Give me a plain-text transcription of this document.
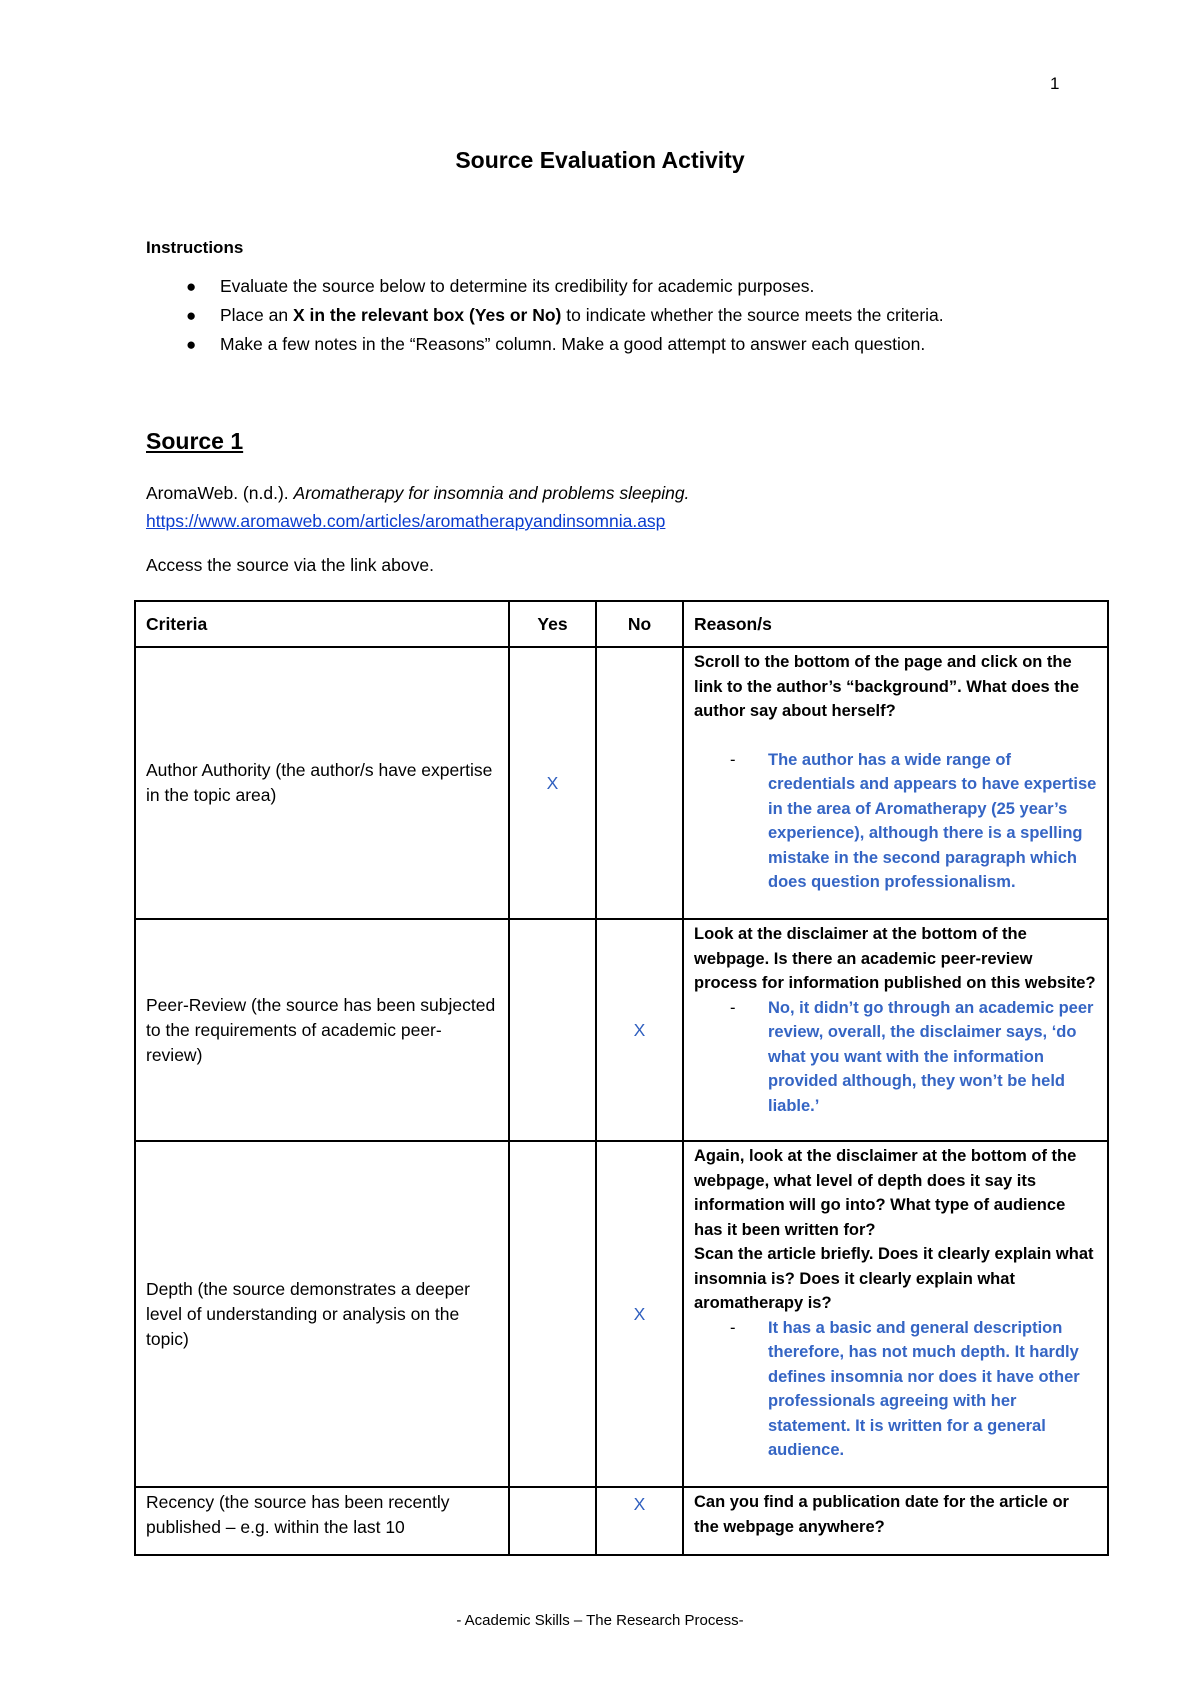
1
Source Evaluation Activity
Instructions
● Evaluate the source below to determine its credibility for academic purposes.
● Place an X in the relevant box (Yes or No) to indicate whether the source meets the criteria.
● Make a few notes in the “Reasons” column. Make a good attempt to answer each question.
Source 1
AromaWeb. (n.d.). Aromatherapy for insomnia and problems sleeping.
https://www.aromaweb.com/articles/aromatherapyandinsomnia.asp
Access the source via the link above.
Criteria	Yes	No	Reason/s
Author Authority (the author/s have expertise in the topic area)	X		Scroll to the bottom of the page and click on the link to the author’s “background”. What does the author say about herself?
- The author has a wide range of credentials and appears to have expertise in the area of Aromatherapy (25 year’s experience), although there is a spelling mistake in the second paragraph which does question professionalism.

Peer-Review (the source has been subjected to the requirements of academic peer-review)		X	Look at the disclaimer at the bottom of the webpage. Is there an academic peer-review process for information published on this website?
- No, it didn’t go through an academic peer review, overall, the disclaimer says, ‘do what you want with the information provided although, they won’t be held liable.’

Depth (the source demonstrates a deeper level of understanding or analysis on the topic)		X	Again, look at the disclaimer at the bottom of the webpage, what level of depth does it say its information will go into? What type of audience has it been written for?
Scan the article briefly. Does it clearly explain what insomnia is? Does it clearly explain what aromatherapy is?
- It has a basic and general description therefore, has not much depth. It hardly defines insomnia nor does it have other professionals agreeing with her statement. It is written for a general audience.

Recency (the source has been recently published – e.g. within the last 10		X	Can you find a publication date for the article or the webpage anywhere?
- Academic Skills – The Research Process-
